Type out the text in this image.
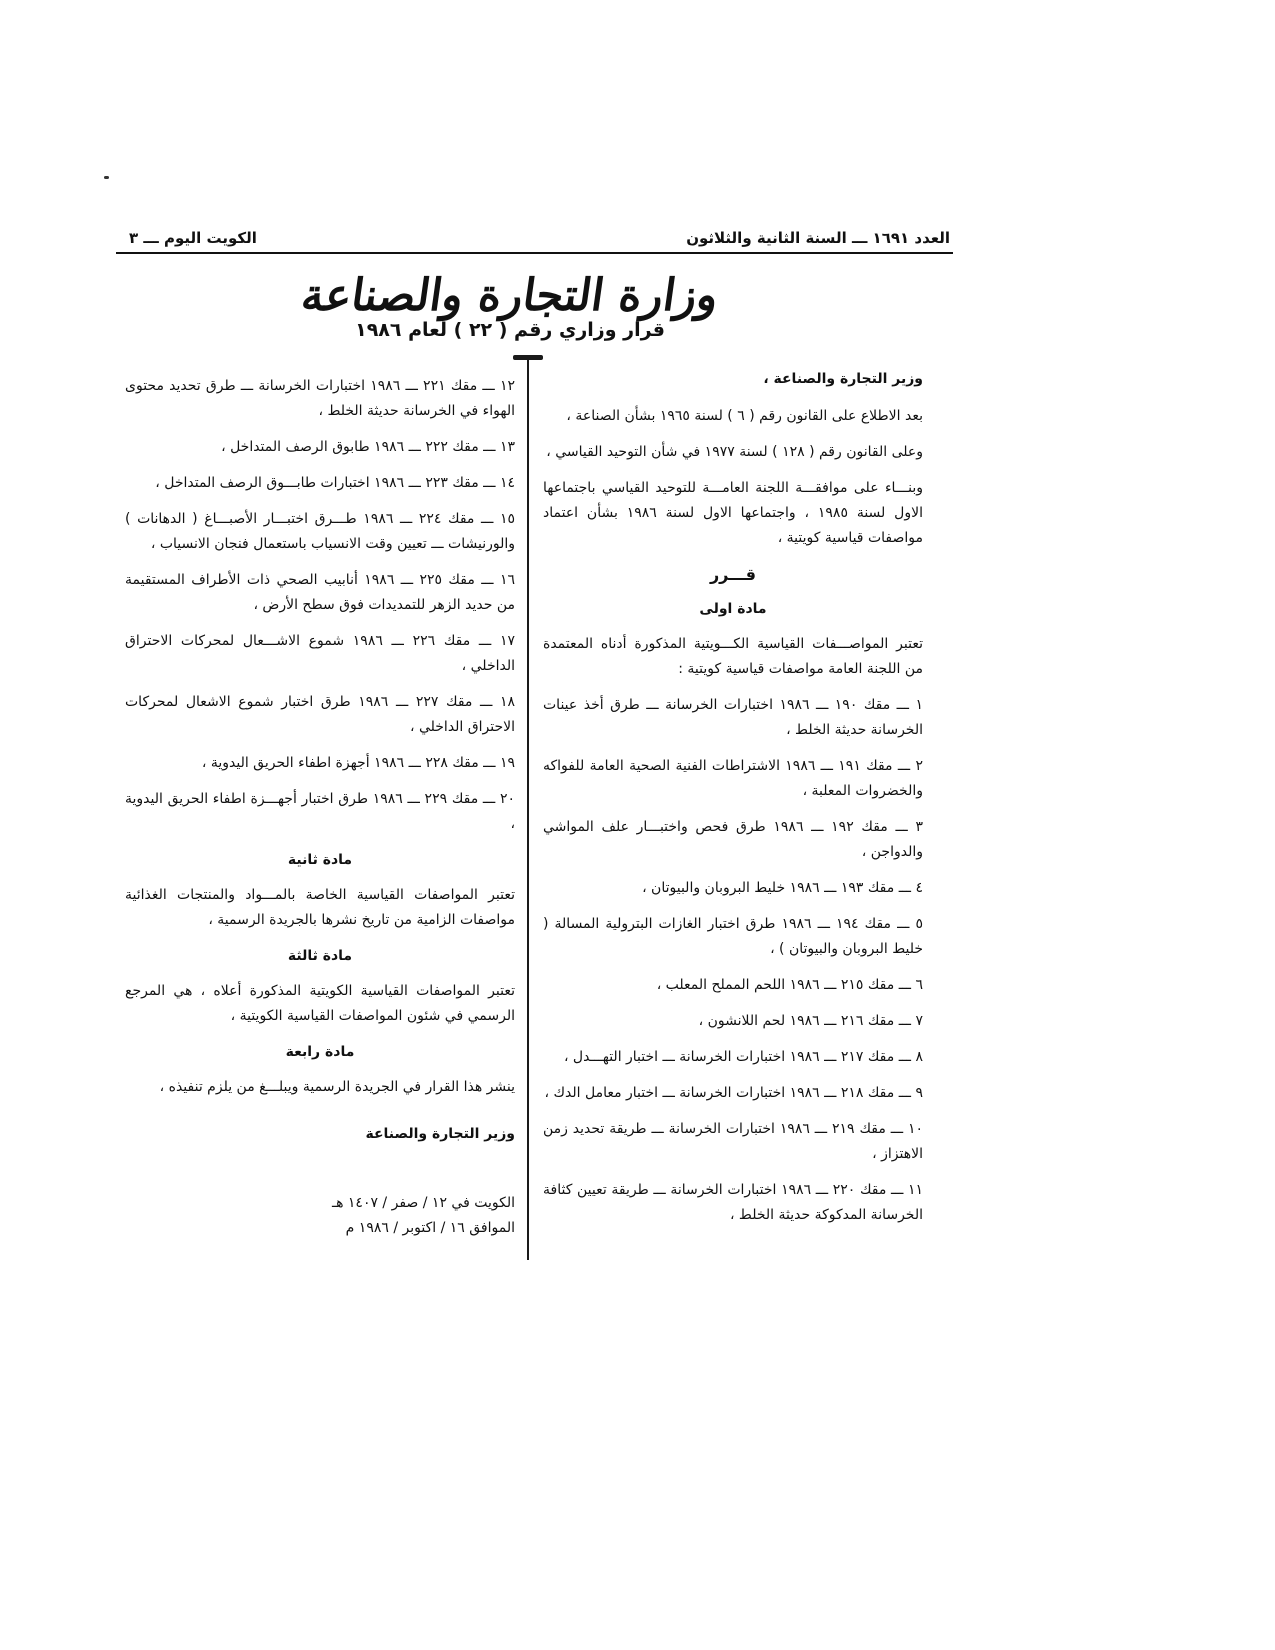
العدد ١٦٩١ ـــ السنة الثانية والثلاثون
الكويت اليوم ـــ ٣
وزارة التجارة والصناعة
قرار وزاري رقم ( ٢٢ ) لعام ١٩٨٦
وزير التجارة والصناعة ،

بعد الاطلاع على القانون رقم ( ٦ ) لسنة ١٩٦٥ بشأن الصناعة ،

وعلى القانون رقم ( ١٢٨ ) لسنة ١٩٧٧ في شأن التوحيد القياسي ،

وبنـــاء على موافقـــة اللجنة العامـــة للتوحيد القياسي باجتماعها الاول لسنة ١٩٨٥ ، واجتماعها الاول لسنة ١٩٨٦ بشأن اعتماد مواصفات قياسية كويتية ،

قـــرر
مادة اولى

تعتبر المواصـــفات القياسية الكـــويتية المذكورة أدناه المعتمدة من اللجنة العامة مواصفات قياسية كويتية :

١ ـــ مقك ١٩٠ ـــ ١٩٨٦ اختبارات الخرسانة ـــ طرق أخذ عينات الخرسانة حديثة الخلط ،
٢ ـــ مقك ١٩١ ـــ ١٩٨٦ الاشتراطات الفنية الصحية العامة للفواكه والخضروات المعلبة ،
٣ ـــ مقك ١٩٢ ـــ ١٩٨٦ طرق فحص واختبـــار علف المواشي والدواجن ،
٤ ـــ مقك ١٩٣ ـــ ١٩٨٦ خليط البروبان والبيوتان ،
٥ ـــ مقك ١٩٤ ـــ ١٩٨٦ طرق اختبار الغازات البترولية المسالة ( خليط البروبان والبيوتان ) ،
٦ ـــ مقك ٢١٥ ـــ ١٩٨٦ اللحم المملح المعلب ،
٧ ـــ مقك ٢١٦ ـــ ١٩٨٦ لحم اللانشون ،
٨ ـــ مقك ٢١٧ ـــ ١٩٨٦ اختبارات الخرسانة ـــ اختبار التهـــدل ،
٩ ـــ مقك ٢١٨ ـــ ١٩٨٦ اختبارات الخرسانة ـــ اختبار معامل الدك ،
١٠ ـــ مقك ٢١٩ ـــ ١٩٨٦ اختبارات الخرسانة ـــ طريقة تحديد زمن الاهتزاز ،
١١ ـــ مقك ٢٢٠ ـــ ١٩٨٦ اختبارات الخرسانة ـــ طريقة تعيين كثافة الخرسانة المدكوكة حديثة الخلط ،
١٢ ـــ مقك ٢٢١ ـــ ١٩٨٦ اختبارات الخرسانة ـــ طرق تحديد محتوى الهواء في الخرسانة حديثة الخلط ،
١٣ ـــ مقك ٢٢٢ ـــ ١٩٨٦ طابوق الرصف المتداخل ،
١٤ ـــ مقك ٢٢٣ ـــ ١٩٨٦ اختبارات طابـــوق الرصف المتداخل ،
١٥ ـــ مقك ٢٢٤ ـــ ١٩٨٦ طـــرق اختبـــار الأصبـــاغ ( الدهانات ) والورنيشات ـــ تعيين وقت الانسياب باستعمال فنجان الانسياب ،
١٦ ـــ مقك ٢٢٥ ـــ ١٩٨٦ أنابيب الصحي ذات الأطراف المستقيمة من حديد الزهر للتمديدات فوق سطح الأرض ،
١٧ ـــ مقك ٢٢٦ ـــ ١٩٨٦ شموع الاشـــعال لمحركات الاحتراق الداخلي ،
١٨ ـــ مقك ٢٢٧ ـــ ١٩٨٦ طرق اختبار شموع الاشعال لمحركات الاحتراق الداخلي ،
١٩ ـــ مقك ٢٢٨ ـــ ١٩٨٦ أجهزة اطفاء الحريق اليدوية ،
٢٠ ـــ مقك ٢٢٩ ـــ ١٩٨٦ طرق اختبار أجهـــزة اطفاء الحريق اليدوية ،
مادة ثانية

تعتبر المواصفات القياسية الخاصة بالمـــواد والمنتجات الغذائية مواصفات الزامية من تاريخ نشرها بالجريدة الرسمية ،

مادة ثالثة

تعتبر المواصفات القياسية الكويتية المذكورة أعلاه ، هي المرجع الرسمي في شئون المواصفات القياسية الكويتية ،

مادة رابعة

ينشر هذا القرار في الجريدة الرسمية ويبلـــغ من يلزم تنفيذه ،

وزير التجارة والصناعة
الكويت في ١٢ / صفر / ١٤٠٧ هـ
الموافق ١٦ / اكتوبر / ١٩٨٦ م
